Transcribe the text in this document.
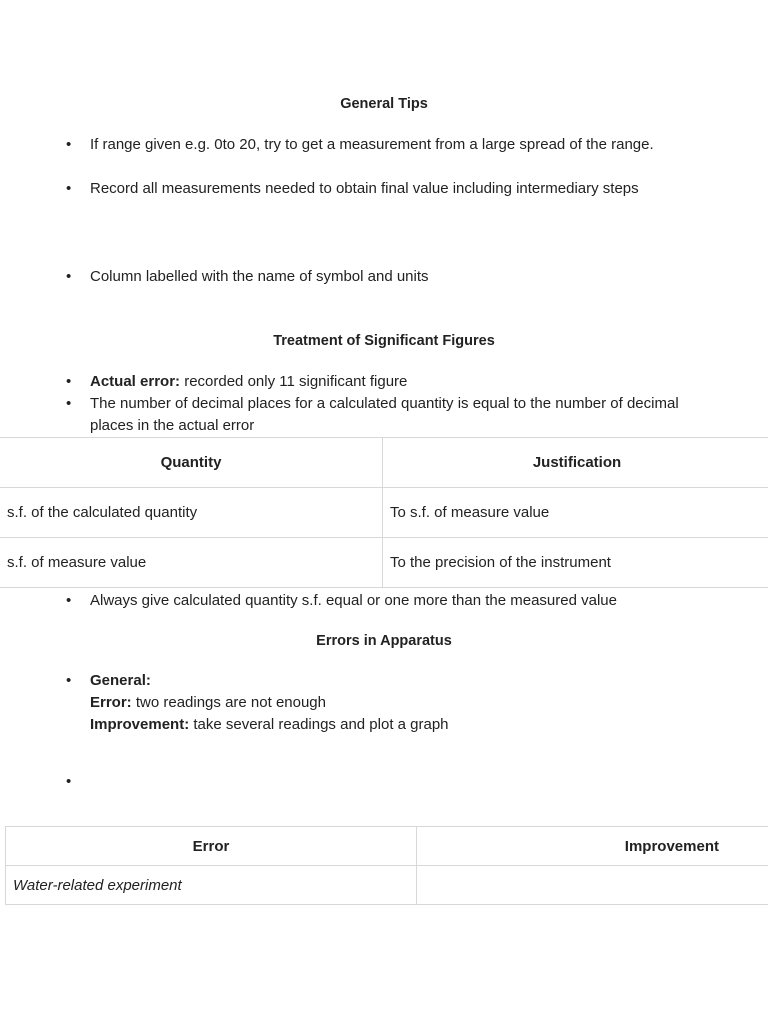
General Tips
•	If range given e.g. 0to 20, try to get a measurement from a large spread of the range.
•	Record all measurements needed to obtain final value including intermediary steps
•	Column labelled with the name of symbol and units
Treatment of Significant Figures
•	Actual error: recorded only 11 significant figure
•	The number of decimal places for a calculated quantity is equal to the number of decimal places in the actual error
Quantity	Justification
s.f. of the calculated quantity	To s.f. of measure value
s.f. of measure value	To the precision of the instrument
•	Always give calculated quantity s.f. equal or one more than the measured value
Errors in Apparatus
•	General:
Error: two readings are not enough
Improvement: take several readings and plot a graph
•
Error	Improvement
Water-related experiment	
